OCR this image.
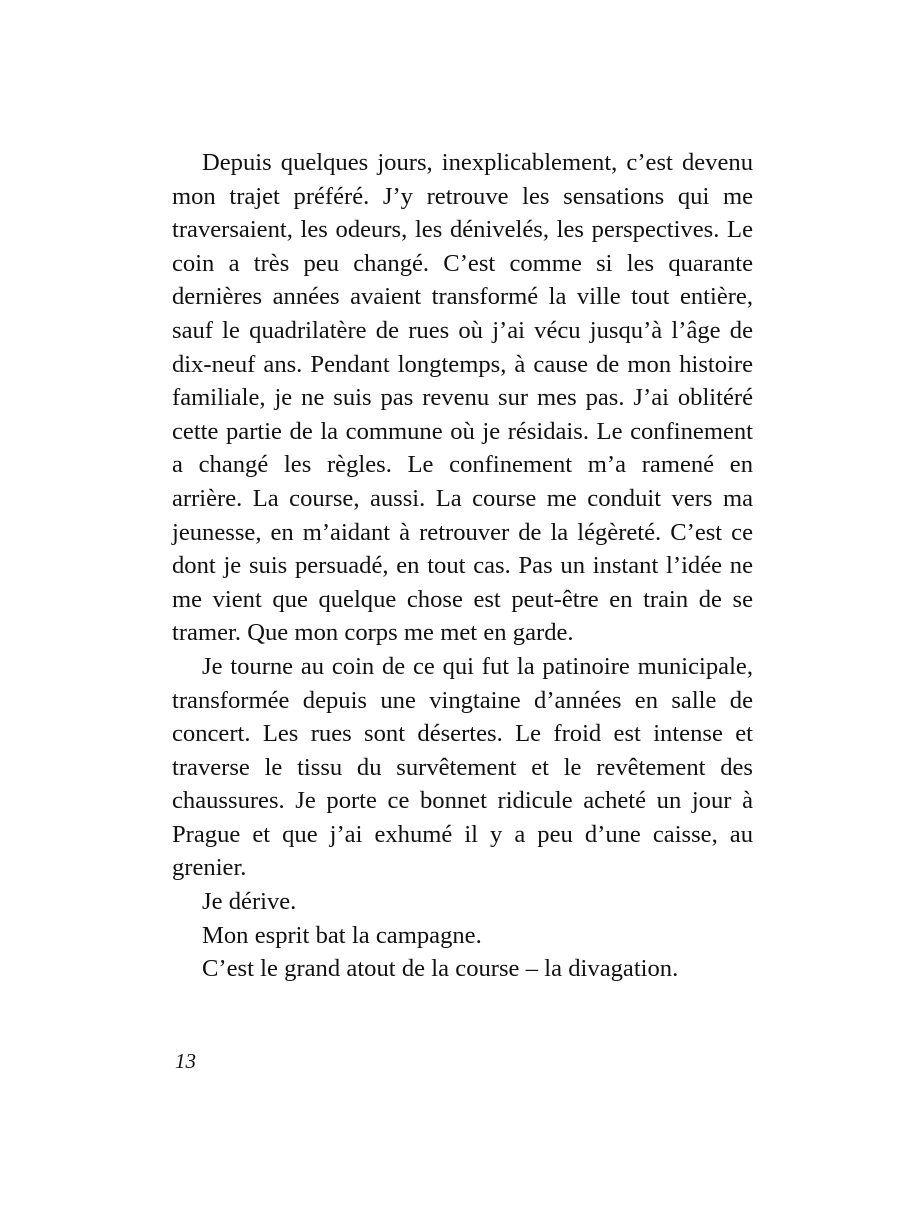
Depuis quelques jours, inexplicablement, c’est devenu mon trajet préféré. J’y retrouve les sensations qui me traversaient, les odeurs, les dénivelés, les perspectives. Le coin a très peu changé. C’est comme si les quarante dernières années avaient transformé la ville tout entière, sauf le quadrilatère de rues où j’ai vécu jusqu’à l’âge de dix-neuf ans. Pendant longtemps, à cause de mon histoire familiale, je ne suis pas revenu sur mes pas. J’ai oblitéré cette partie de la commune où je résidais. Le confinement a changé les règles. Le confinement m’a ramené en arrière. La course, aussi. La course me conduit vers ma jeunesse, en m’aidant à retrouver de la légèreté. C’est ce dont je suis persuadé, en tout cas. Pas un instant l’idée ne me vient que quelque chose est peut-être en train de se tramer. Que mon corps me met en garde.

Je tourne au coin de ce qui fut la patinoire municipale, transformée depuis une vingtaine d’années en salle de concert. Les rues sont désertes. Le froid est intense et traverse le tissu du survêtement et le revêtement des chaussures. Je porte ce bonnet ridicule acheté un jour à Prague et que j’ai exhumé il y a peu d’une caisse, au grenier.

Je dérive.

Mon esprit bat la campagne.

C’est le grand atout de la course – la divagation.

13
